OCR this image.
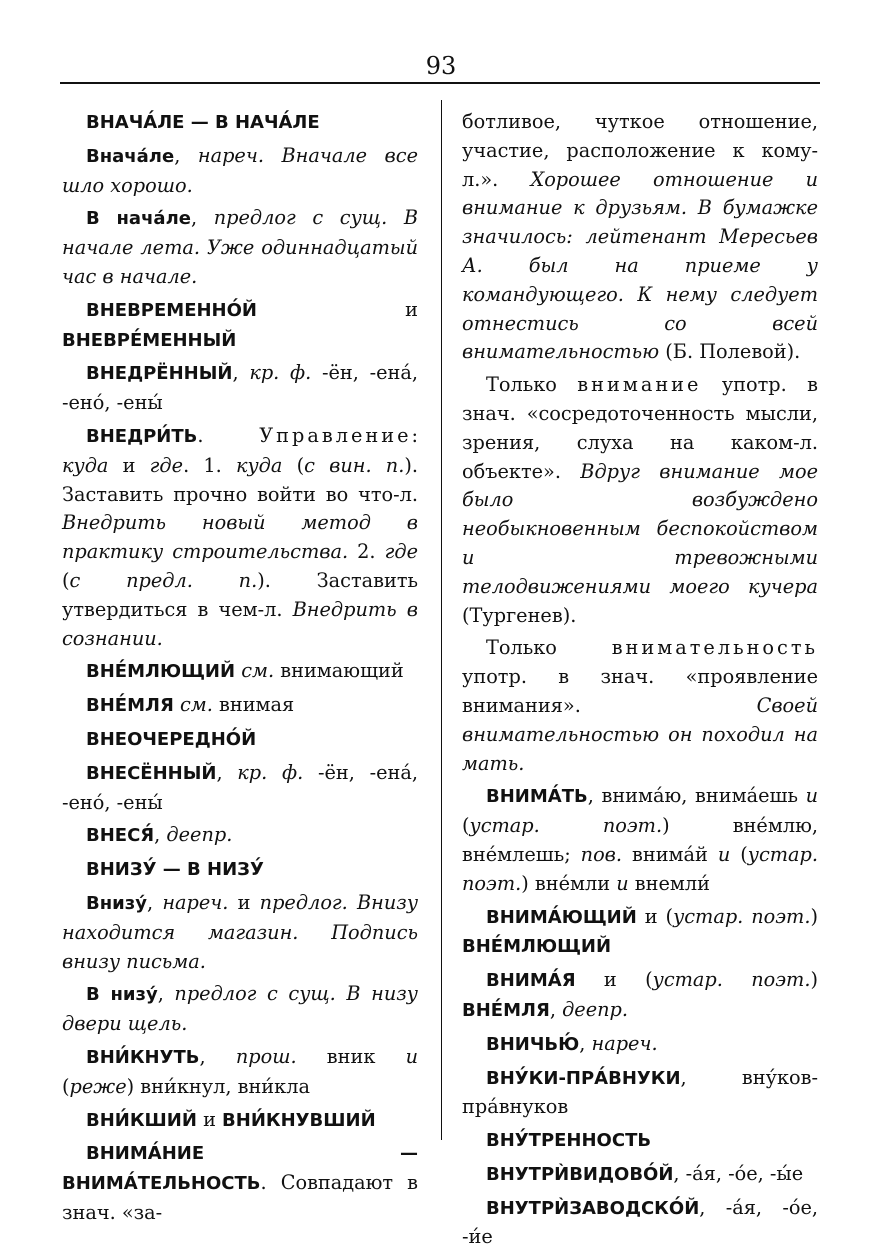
93

ВНАЧА́ЛЕ — В НАЧА́ЛЕ

Внача́ле, нареч. Вначале все шло хорошо.

В нача́ле, предлог с сущ. В начале лета. Уже одиннадцатый час в начале.

ВНЕВРЕМЕННО́Й и ВНЕВРЕ́МЕННЫЙ

ВНЕДРЁННЫЙ, кр. ф. -ён, -ена́, -ено́, -ены́

ВНЕДРИ́ТЬ. Управление: куда и где. 1. куда (с вин. п.). Заставить прочно войти во что-л. Внедрить новый метод в практику строительства. 2. где (с предл. п.). Заставить утвердиться в чем-л. Внедрить в сознании.

ВНЕ́МЛЮЩИЙ см. внимающий

ВНЕ́МЛЯ см. внимая

ВНЕОЧЕРЕДНО́Й

ВНЕСЁННЫЙ, кр. ф. -ён, -ена́, -ено́, -ены́

ВНЕСЯ́, деепр.

ВНИЗУ́ — В НИЗУ́

Внизу́, нареч. и предлог. Внизу находится магазин. Подпись внизу письма.

В низу́, предлог с сущ. В низу двери щель.

ВНИ́КНУТЬ, прош. вник и (реже) вни́кнул, вни́кла

ВНИ́КШИЙ и ВНИ́КНУВШИЙ

ВНИМА́НИЕ — ВНИМА́ТЕЛЬНОСТЬ. Совпадают в знач. «за-

ботливое, чуткое отношение, участие, расположение к кому-л.». Хорошее отношение и внимание к друзьям. В бумажке значилось: лейтенант Мересьев А. был на приеме у командующего. К нему следует отнестись со всей внимательностью (Б. Полевой).

Только внимание употр. в знач. «сосредоточенность мысли, зрения, слуха на каком-л. объекте». Вдруг внимание мое было возбуждено необыкновенным беспокойством и тревожными телодвижениями моего кучера (Тургенев).

Только внимательность употр. в знач. «проявление внимания». Своей внимательностью он походил на мать.

ВНИМА́ТЬ, внима́ю, внима́ешь и (устар. поэт.) вне́млю, вне́млешь; пов. внима́й и (устар. поэт.) вне́мли и внемли́

ВНИМА́ЮЩИЙ и (устар. поэт.) ВНЕ́МЛЮЩИЙ

ВНИМА́Я и (устар. поэт.) ВНЕ́МЛЯ, деепр.

ВНИЧЬЮ́, нареч.

ВНУ́КИ-ПРА́ВНУКИ, вну́ков-пра́внуков

ВНУ́ТРЕННОСТЬ

ВНУТРЍВИДОВО́Й, -а́я, -о́е, -ы́е

ВНУТРЍЗАВОДСКО́Й, -а́я, -о́е, -и́е
